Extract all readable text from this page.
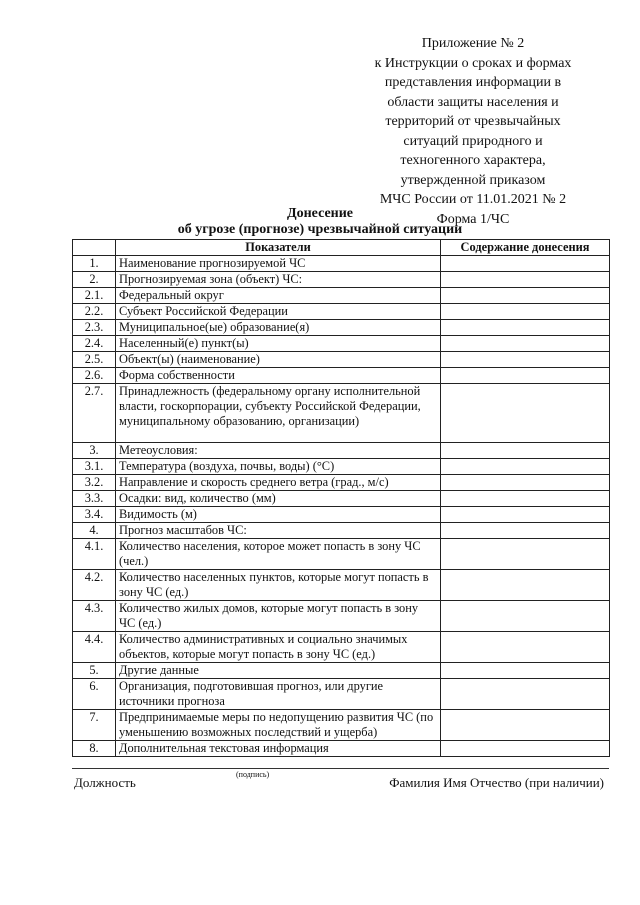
Приложение № 2
к Инструкции о сроках и формах
представления информации в
области защиты населения и
территорий от чрезвычайных
ситуаций природного и
техногенного характера,
утвержденной приказом
МЧС России от 11.01.2021 № 2
Форма 1/ЧС
Донесение
об угрозе (прогнозе) чрезвычайной ситуации
	Показатели	Содержание донесения
1.	Наименование прогнозируемой ЧС	
2.	Прогнозируемая зона (объект) ЧС:	
2.1.	Федеральный округ	
2.2.	Субъект Российской Федерации	
2.3.	Муниципальное(ые) образование(я)	
2.4.	Населенный(е) пункт(ы)	
2.5.	Объект(ы) (наименование)	
2.6.	Форма собственности	
2.7.	Принадлежность (федеральному органу исполнительной власти, госкорпорации, субъекту Российской Федерации, муниципальному образованию, организации)	
3.	Метеоусловия:	
3.1.	Температура (воздуха, почвы, воды) (°С)	
3.2.	Направление и скорость среднего ветра (град., м/с)	
3.3.	Осадки: вид, количество (мм)	
3.4.	Видимость (м)	
4.	Прогноз масштабов ЧС:	
4.1.	Количество населения, которое может попасть в зону ЧС (чел.)	
4.2.	Количество населенных пунктов, которые могут попасть в зону ЧС (ед.)	
4.3.	Количество жилых домов, которые могут попасть в зону ЧС (ед.)	
4.4.	Количество административных и социально значимых объектов, которые могут попасть в зону ЧС (ед.)	
5.	Другие данные	
6.	Организация, подготовившая прогноз, или другие источники прогноза	
7.	Предпринимаемые меры по недопущению развития ЧС (по уменьшению возможных последствий и ущерба)	
8.	Дополнительная текстовая информация	
Должность
(подпись)
Фамилия Имя Отчество (при наличии)
